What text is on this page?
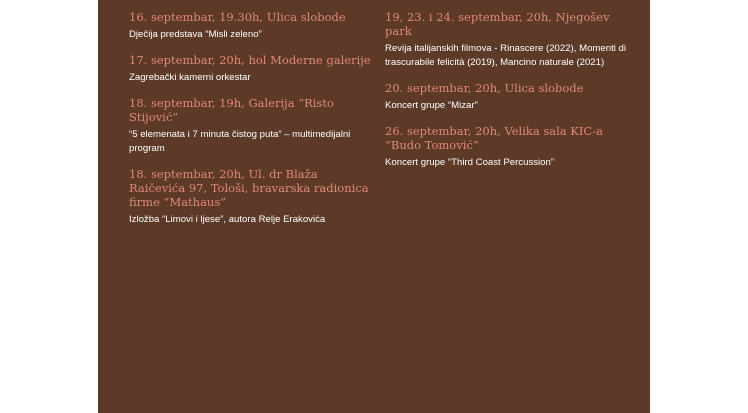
16. septembar, 19.30h, Ulica slobode

Dječija predstava “Misli zeleno”

17. septembar, 20h, hol Moderne galerije

Zagrebački kamerni orkestar

18. septembar, 19h, Galerija “Risto Stijović”

“5 elemenata i 7 minuta čistog puta” – multimedijalni program

18. septembar, 20h, Ul. dr Blaža Raičevića 97, Tološi, bravarska radionica firme “Mathaus”

Izložba “Limovi i ljese”, autora Relje Erakovića

19, 23. i 24. septembar, 20h, Njegošev park

Revija italijanskih filmova - Rinascere (2022), Momenti di trascurabile felicità (2019), Mancino naturale (2021)

20. septembar, 20h, Ulica slobode

Koncert grupe “Mizar”

26. septembar, 20h, Velika sala KIC-a “Budo Tomović”

Koncert grupe “Third Coast Percussion”
